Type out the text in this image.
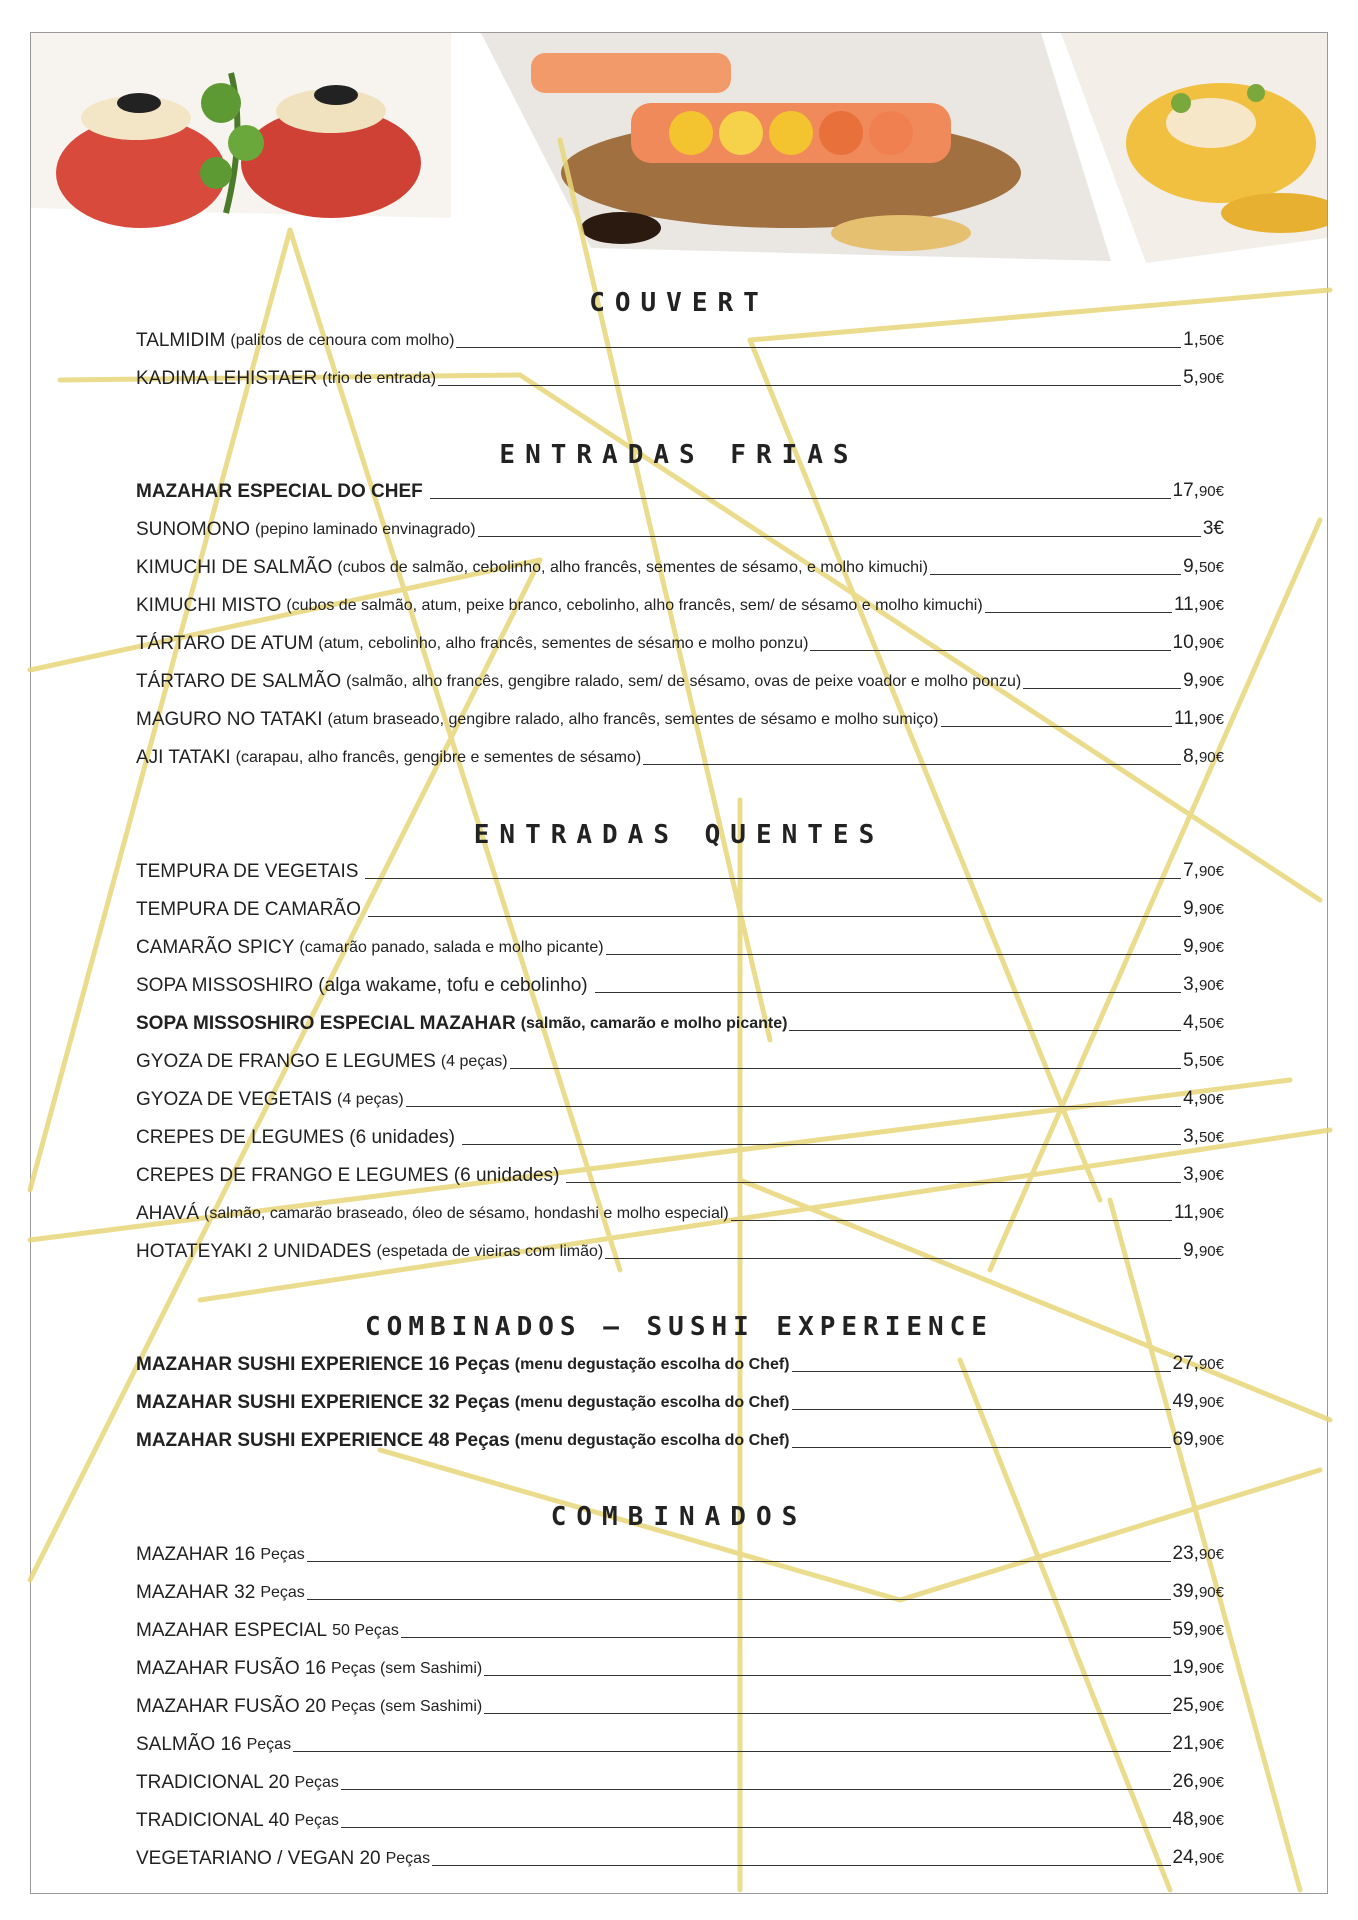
COUVERT
TALMIDIM (palitos de cenoura com molho)	1,50€
KADIMA LEHISTAER (trio de entrada)	5,90€
ENTRADAS FRIAS
MAZAHAR ESPECIAL DO CHEF	17,90€
SUNOMONO (pepino laminado envinagrado)	3€
KIMUCHI DE SALMÃO (cubos de salmão, cebolinho, alho francês, sementes de sésamo, e molho kimuchi)	9,50€
KIMUCHI MISTO (cubos de salmão, atum, peixe branco, cebolinho, alho francês, sem/ de sésamo e molho kimuchi)	11,90€
TÁRTARO DE ATUM (atum, cebolinho, alho francês, sementes de sésamo e molho ponzu)	10,90€
TÁRTARO DE SALMÃO (salmão, alho francês, gengibre ralado, sem/ de sésamo, ovas de peixe voador e molho ponzu)	9,90€
MAGURO NO TATAKI (atum braseado, gengibre ralado, alho francês, sementes de sésamo e molho sumiço)	11,90€
AJI TATAKI (carapau, alho francês, gengibre e sementes de sésamo)	8,90€
ENTRADAS QUENTES
TEMPURA DE VEGETAIS	7,90€
TEMPURA DE CAMARÃO	9,90€
CAMARÃO SPICY (camarão panado, salada e molho picante)	9,90€
SOPA MISSOSHIRO (alga wakame, tofu e cebolinho)	3,90€
SOPA MISSOSHIRO ESPECIAL MAZAHAR (salmão, camarão e molho picante)	4,50€
GYOZA DE FRANGO E LEGUMES (4 peças)	5,50€
GYOZA DE VEGETAIS (4 peças)	4,90€
CREPES DE LEGUMES (6 unidades)	3,50€
CREPES DE FRANGO E LEGUMES (6 unidades)	3,90€
AHAVÁ (salmão, camarão braseado, óleo de sésamo, hondashi e molho especial)	11,90€
HOTATEYAKI 2 UNIDADES (espetada de vieiras com limão)	9,90€
COMBINADOS – SUSHI EXPERIENCE
MAZAHAR SUSHI EXPERIENCE 16 Peças (menu degustação escolha do Chef)	27,90€
MAZAHAR SUSHI EXPERIENCE 32 Peças (menu degustação escolha do Chef)	49,90€
MAZAHAR SUSHI EXPERIENCE 48 Peças (menu degustação escolha do Chef)	69,90€
COMBINADOS
MAZAHAR 16 Peças	23,90€
MAZAHAR 32 Peças	39,90€
MAZAHAR ESPECIAL 50 Peças	59,90€
MAZAHAR FUSÃO 16 Peças (sem Sashimi)	19,90€
MAZAHAR FUSÃO 20 Peças (sem Sashimi)	25,90€
SALMÃO 16 Peças	21,90€
TRADICIONAL 20 Peças	26,90€
TRADICIONAL 40 Peças	48,90€
VEGETARIANO / VEGAN 20 Peças	24,90€
